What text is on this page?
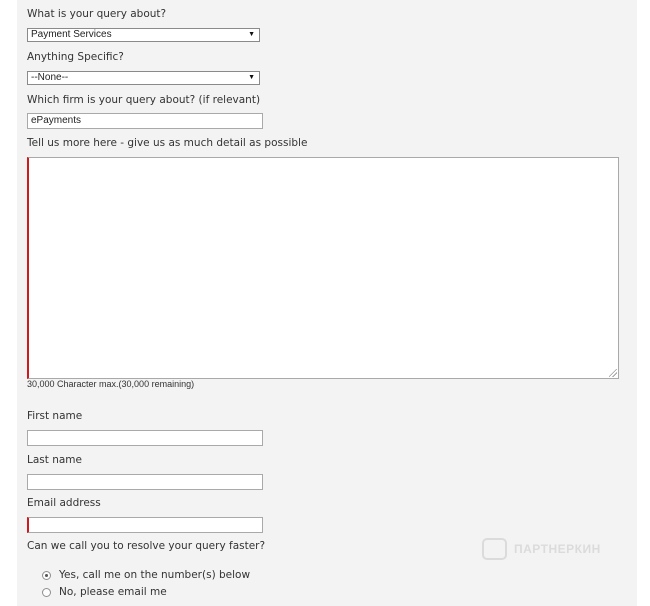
What is your query about?
Payment Services	▼
Anything Specific?
--None--	▼
Which firm is your query about? (if relevant)
ePayments
Tell us more here - give us as much detail as possible
30,000 Character max.(30,000 remaining)
First name
Last name
Email address
Can we call you to resolve your query faster?
Yes, call me on the number(s) below
No, please email me
ПАРТНЕРКИН
